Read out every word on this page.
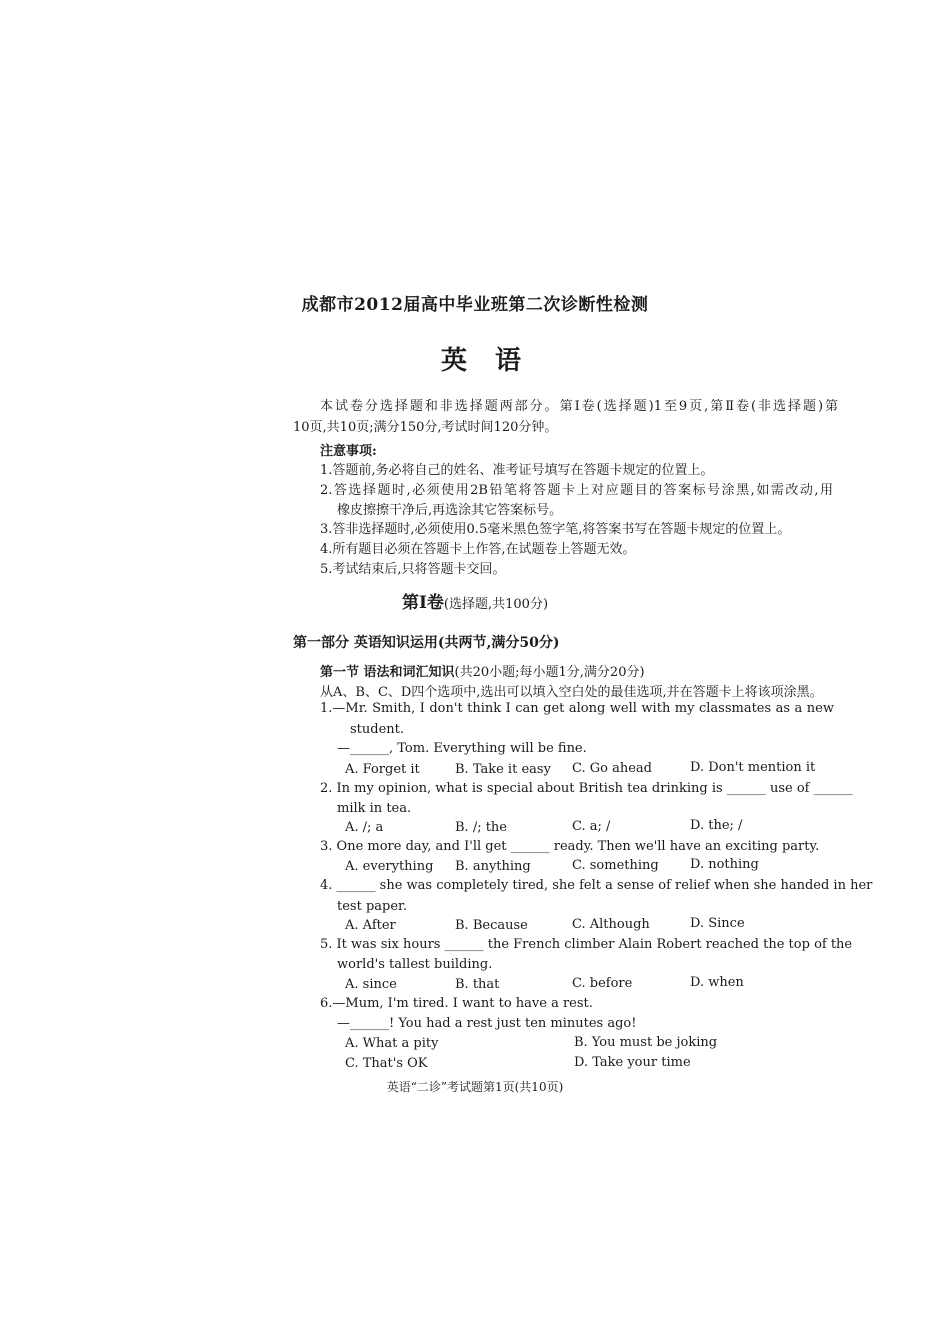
成都市2012届高中毕业班第二次诊断性检测
英语
本试卷分选择题和非选择题两部分。第Ⅰ卷(选择题)1至9页,第Ⅱ卷(非选择题)第
10页,共10页;满分150分,考试时间120分钟。
注意事项:
1.答题前,务必将自己的姓名、准考证号填写在答题卡规定的位置上。
2.答选择题时,必须使用2B铅笔将答题卡上对应题目的答案标号涂黑,如需改动,用
橡皮擦擦干净后,再选涂其它答案标号。
3.答非选择题时,必须使用0.5毫米黑色签字笔,将答案书写在答题卡规定的位置上。
4.所有题目必须在答题卡上作答,在试题卷上答题无效。
5.考试结束后,只将答题卡交回。
第Ⅰ卷(选择题,共100分)
第一部分 英语知识运用(共两节,满分50分)
第一节 语法和词汇知识(共20小题;每小题1分,满分20分)
从A、B、C、D四个选项中,选出可以填入空白处的最佳选项,并在答题卡上将该项涂黑。
1.—Mr. Smith, I don't think I can get along well with my classmates as a new
student.
—______, Tom. Everything will be fine.
A. Forget it	B. Take it easy C. Go ahead	D. Don't mention it
2. In my opinion, what is special about British tea drinking is ______ use of ______
milk in tea.
A. /; a	B. /; the	C. a; /	D. the; /
3. One more day, and I'll get ______ ready. Then we'll have an exciting party.
A. everything B. anything	C. something D. nothing
4. ______ she was completely tired, she felt a sense of relief when she handed in her
test paper.
A. After	B. Because	C. Although	D. Since
5. It was six hours ______ the French climber Alain Robert reached the top of the
world's tallest building.
A. since	B. that	C. before	D. when
6.—Mum, I'm tired. I want to have a rest.
—______! You had a rest just ten minutes ago!
A. What a pity	B. You must be joking
C. That's OK	D. Take your time
英语“二诊”考试题第1页(共10页)
